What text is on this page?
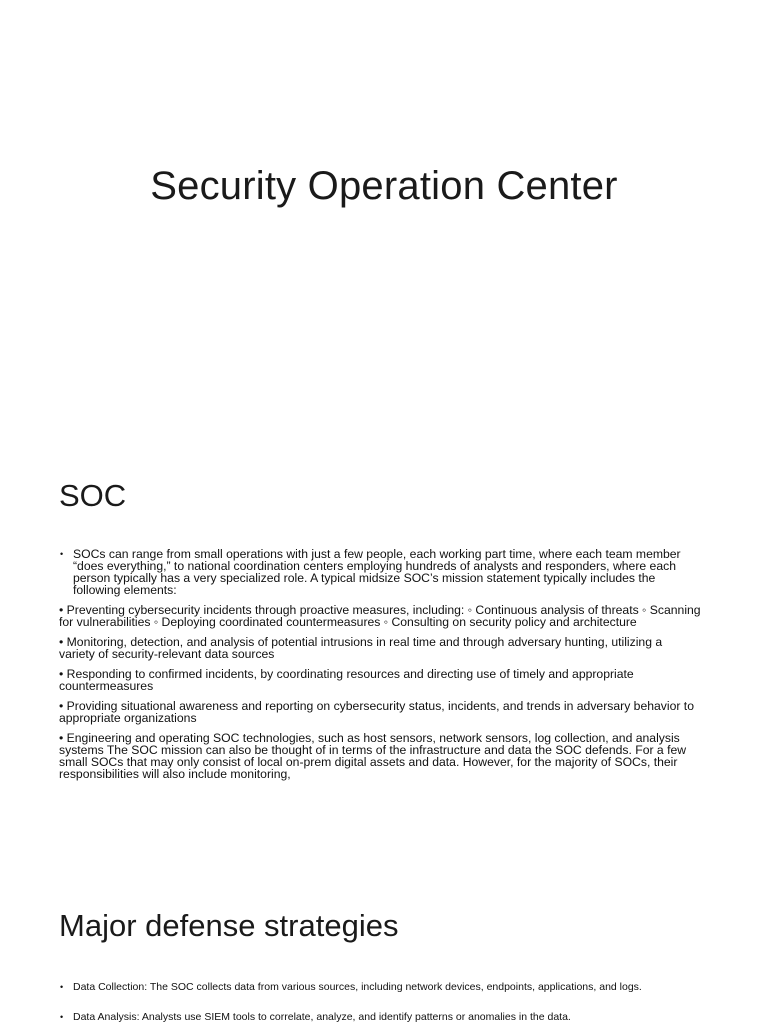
Security Operation Center
SOC

• SOCs can range from small operations with just a few people, each working part time, where each team member “does everything,” to national coordination centers employing hundreds of analysts and responders, where each person typically has a very specialized role. A typical midsize SOC’s mission statement typically includes the following elements:

• Preventing cybersecurity incidents through proactive measures, including: ◦ Continuous analysis of threats ◦ Scanning for vulnerabilities ◦ Deploying coordinated countermeasures ◦ Consulting on security policy and architecture

• Monitoring, detection, and analysis of potential intrusions in real time and through adversary hunting, utilizing a variety of security-relevant data sources

• Responding to confirmed incidents, by coordinating resources and directing use of timely and appropriate countermeasures

• Providing situational awareness and reporting on cybersecurity status, incidents, and trends in adversary behavior to appropriate organizations

• Engineering and operating SOC technologies, such as host sensors, network sensors, log collection, and analysis systems The SOC mission can also be thought of in terms of the infrastructure and data the SOC defends. For a few small SOCs that may only consist of local on-prem digital assets and data. However, for the majority of SOCs, their responsibilities will also include monitoring,

Major defense strategies
• Data Collection: The SOC collects data from various sources, including network devices, endpoints, applications, and logs.
• Data Analysis: Analysts use SIEM tools to correlate, analyze, and identify patterns or anomalies in the data.
